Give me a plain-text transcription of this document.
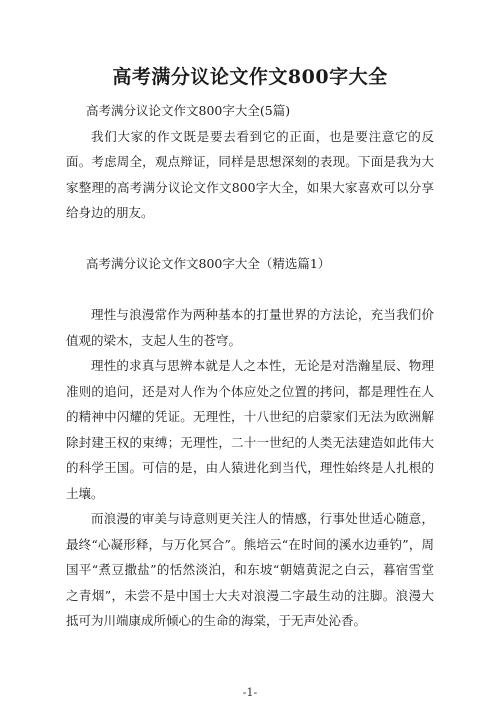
高考满分议论文作文800字大全

高考满分议论文作文800字大全(5篇)

我们大家的作文既是要去看到它的正面，也是要注意它的反面。考虑周全，观点辩证，同样是思想深刻的表现。下面是我为大家整理的高考满分议论文作文800字大全，如果大家喜欢可以分享给身边的朋友。

高考满分议论文作文800字大全（精选篇1）

理性与浪漫常作为两种基本的打量世界的方法论，充当我们价值观的梁木，支起人生的苍穹。

理性的求真与思辨本就是人之本性，无论是对浩瀚星辰、物理准则的追问，还是对人作为个体应处之位置的拷问，都是理性在人的精神中闪耀的凭证。无理性，十八世纪的启蒙家们无法为欧洲解除封建王权的束缚；无理性，二十一世纪的人类无法建造如此伟大的科学王国。可信的是，由人猿进化到当代，理性始终是人扎根的土壤。

而浪漫的审美与诗意则更关注人的情感，行事处世适心随意，最终“心凝形释，与万化冥合”。熊培云“在时间的溪水边垂钓”，周国平“煮豆撒盐”的恬然淡泊，和东坡“朝嬉黄泥之白云，暮宿雪堂之青烟”，未尝不是中国士大夫对浪漫二字最生动的注脚。浪漫大抵可为川端康成所倾心的生命的海棠，于无声处沁香。

-1-
